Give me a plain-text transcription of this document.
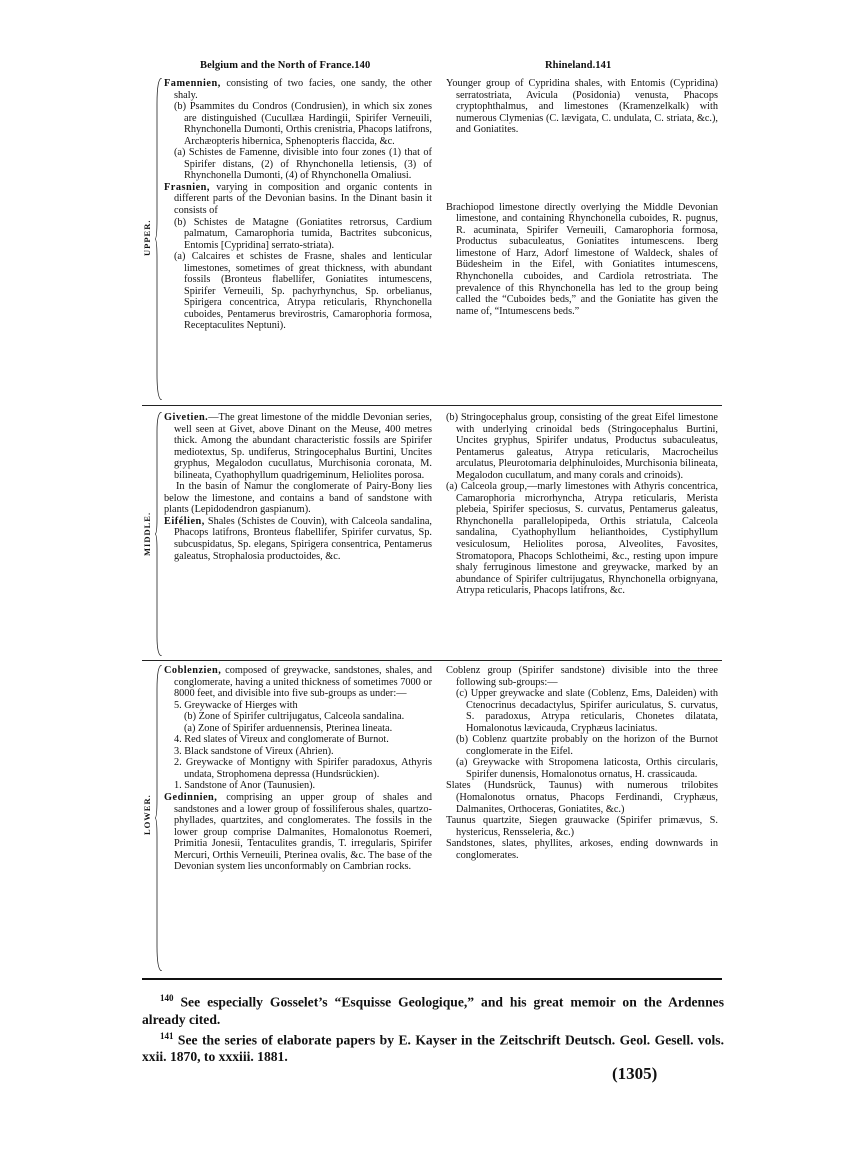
Belgium and the North of France.140	Rhineland.141
UPPER.

Famennien, consisting of two facies, one sandy, the other shaly.

(b) Psammites du Condros (Condrusien), in which six zones are distinguished (Cucullæa Hardingii, Spirifer Verneuili, Rhynchonella Dumonti, Orthis crenistria, Phacops latifrons, Archæopteris hibernica, Sphenopteris flaccida, &c.

(a) Schistes de Famenne, divisible into four zones (1) that of Spirifer distans, (2) of Rhynchonella letiensis, (3) of Rhynchonella Dumonti, (4) of Rhynchonella Omaliusi.

Frasnien, varying in composition and organic contents in different parts of the Devonian basins. In the Dinant basin it consists of

(b) Schistes de Matagne (Goniatites retrorsus, Cardium palmatum, Camarophoria tumida, Bactrites subconicus, Entomis [Cypridina] serrato-striata).

(a) Calcaires et schistes de Frasne, shales and lenticular limestones, sometimes of great thickness, with abundant fossils (Bronteus flabellifer, Goniatites intumescens, Spirifer Verneuili, Sp. pachyrhynchus, Sp. orbelianus, Spirigera concentrica, Atrypa reticularis, Rhynchonella cuboides, Pentamerus brevirostris, Camarophoria formosa, Receptaculites Neptuni).

Younger group of Cypridina shales, with Entomis (Cypridina) serratostriata, Avicula (Posidonia) venusta, Phacops cryptophthalmus, and limestones (Kramenzelkalk) with numerous Clymenias (C. lævigata, C. undulata, C. striata, &c.), and Goniatites.

Brachiopod limestone directly overlying the Middle Devonian limestone, and containing Rhynchonella cuboides, R. pugnus, R. acuminata, Spirifer Verneuili, Camarophoria formosa, Productus subaculeatus, Goniatites intumescens. Iberg limestone of Harz, Adorf limestone of Waldeck, shales of Büdesheim in the Eifel, with Goniatites intumescens, Rhynchonella cuboides, and Cardiola retrostriata. The prevalence of this Rhynchonella has led to the group being called the “Cuboides beds,” and the Goniatite has given the name of, “Intumescens beds.”

MIDDLE.

Givetien.—The great limestone of the middle Devonian series, well seen at Givet, above Dinant on the Meuse, 400 metres thick. Among the abundant characteristic fossils are Spirifer mediotextus, Sp. undiferus, Stringocephalus Burtini, Uncites gryphus, Megalodon cucullatus, Murchisonia coronata, M. bilineata, Cyathophyllum quadrigeminum, Heliolites porosa.

In the basin of Namur the conglomerate of Pairy-Bony lies below the limestone, and contains a band of sandstone with plants (Lepidodendron gaspianum).

Eifélien, Shales (Schistes de Couvin), with Calceola sandalina, Phacops latifrons, Bronteus flabellifer, Spirifer curvatus, Sp. subcuspidatus, Sp. elegans, Spirigera consentrica, Pentamerus galeatus, Strophalosia productoides, &c.

(b) Stringocephalus group, consisting of the great Eifel limestone with underlying crinoidal beds (Stringocephalus Burtini, Uncites gryphus, Spirifer undatus, Productus subaculeatus, Pentamerus galeatus, Atrypa reticularis, Macrocheilus arculatus, Pleurotomaria delphinuloides, Murchisonia bilineata, Megalodon cucullatum, and many corals and crinoids).

(a) Calceola group,—marly limestones with Athyris concentrica, Camarophoria microrhyncha, Atrypa reticularis, Merista plebeia, Spirifer speciosus, S. curvatus, Pentamerus galeatus, Rhynchonella parallelopipeda, Orthis striatula, Calceola sandalina, Cyathophyllum helianthoides, Cystiphyllum vesiculosum, Heliolites porosa, Alveolites, Favosites, Stromatopora, Phacops Schlotheimi, &c., resting upon impure shaly ferruginous limestone and greywacke, marked by an abundance of Spirifer cultrijugatus, Rhynchonella orbignyana, Atrypa reticularis, Phacops latifrons, &c.

LOWER.

Coblenzien, composed of greywacke, sandstones, shales, and conglomerate, having a united thickness of sometimes 7000 or 8000 feet, and divisible into five sub-groups as under:—

5. Greywacke of Hierges with

(b) Zone of Spirifer cultrijugatus, Calceola sandalina.

(a) Zone of Spirifer arduennensis, Pterinea lineata.

4. Red slates of Vireux and conglomerate of Burnot.

3. Black sandstone of Vireux (Ahrien).

2. Greywacke of Montigny with Spirifer paradoxus, Athyris undata, Strophomena depressa (Hundsrückien).

1. Sandstone of Anor (Taunusien).

Gedinnien, comprising an upper group of shales and sandstones and a lower group of fossiliferous shales, quartzo-phyllades, quartzites, and conglomerates. The fossils in the lower group comprise Dalmanites, Homalonotus Roemeri, Primitia Jonesii, Tentaculites grandis, T. irregularis, Spirifer Mercuri, Orthis Verneuili, Pterinea ovalis, &c. The base of the Devonian system lies unconformably on Cambrian rocks.

Coblenz group (Spirifer sandstone) divisible into the three following sub-groups:—

(c) Upper greywacke and slate (Coblenz, Ems, Daleiden) with Ctenocrinus decadactylus, Spirifer auriculatus, S. curvatus, S. paradoxus, Atrypa reticularis, Chonetes dilatata, Homalonotus lævicauda, Cryphæus laciniatus.

(b) Coblenz quartzite probably on the horizon of the Burnot conglomerate in the Eifel.

(a) Greywacke with Stropomena laticosta, Orthis circularis, Spirifer dunensis, Homalonotus ornatus, H. crassicauda.

Slates (Hundsrück, Taunus) with numerous trilobites (Homalonotus ornatus, Phacops Ferdinandi, Cryphæus, Dalmanites, Orthoceras, Goniatites, &c.)

Taunus quartzite, Siegen grauwacke (Spirifer primævus, S. hystericus, Rensseleria, &c.)

Sandstones, slates, phyllites, arkoses, ending downwards in conglomerates.

$^{140}$ See especially Gosselet’s “Esquisse Geologique,” and his great memoir on the Ardennes already cited.

$^{141}$ See the series of elaborate papers by E. Kayser in the Zeitschrift Deutsch. Geol. Gesell. vols. xxii. 1870, to xxxiii. 1881.

(1305)
